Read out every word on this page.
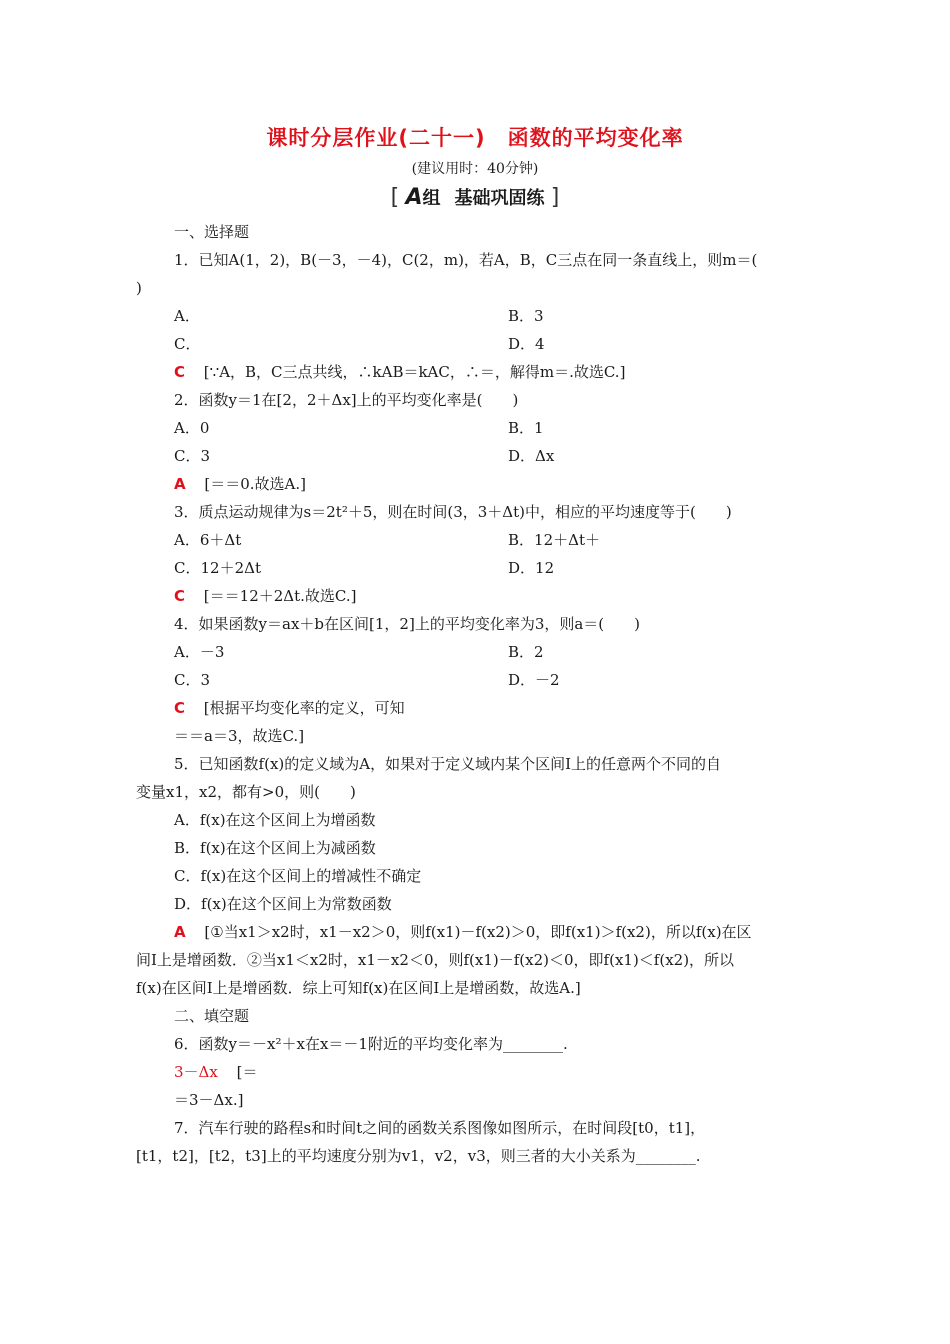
课时分层作业(二十一) 函数的平均变化率
(建议用时：40分钟)
[ A组 基础巩固练 ]
一、选择题
1．已知A(1，2)，B(－3，－4)，C(2，m)，若A，B，C三点在同一条直线上，则m＝(
)
A．	B．3
C．	D．4
C [∵A，B，C三点共线，∴kAB＝kAC，∴＝，解得m＝.故选C.]
2．函数y＝1在[2，2＋Δx]上的平均变化率是(　　)
A．0	B．1
C．3	D．Δx
A [＝＝0.故选A.]
3．质点运动规律为s＝2t²＋5，则在时间(3，3＋Δt)中，相应的平均速度等于(　　)
A．6＋Δt	B．12＋Δt＋
C．12＋2Δt	D．12
C [＝＝12＋2Δt.故选C.]
4．如果函数y＝ax＋b在区间[1，2]上的平均变化率为3，则a＝(　　)
A．－3	B．2
C．3	D．－2
C [根据平均变化率的定义，可知
＝＝a＝3，故选C.]
5．已知函数f(x)的定义域为A，如果对于定义域内某个区间I上的任意两个不同的自
变量x1，x2，都有>0，则(　　)
A．f(x)在这个区间上为增函数
B．f(x)在这个区间上为减函数
C．f(x)在这个区间上的增减性不确定
D．f(x)在这个区间上为常数函数
A [①当x1＞x2时，x1－x2＞0，则f(x1)－f(x2)＞0，即f(x1)＞f(x2)，所以f(x)在区
间I上是增函数．②当x1＜x2时，x1－x2＜0，则f(x1)－f(x2)＜0，即f(x1)＜f(x2)，所以
f(x)在区间I上是增函数．综上可知f(x)在区间I上是增函数，故选A.]
二、填空题
6．函数y＝－x²＋x在x＝－1附近的平均变化率为________.
3－Δx [＝
＝3－Δx.]
7．汽车行驶的路程s和时间t之间的函数关系图像如图所示，在时间段[t0，t1]，
[t1，t2]，[t2，t3]上的平均速度分别为v1，v2，v3，则三者的大小关系为________.
